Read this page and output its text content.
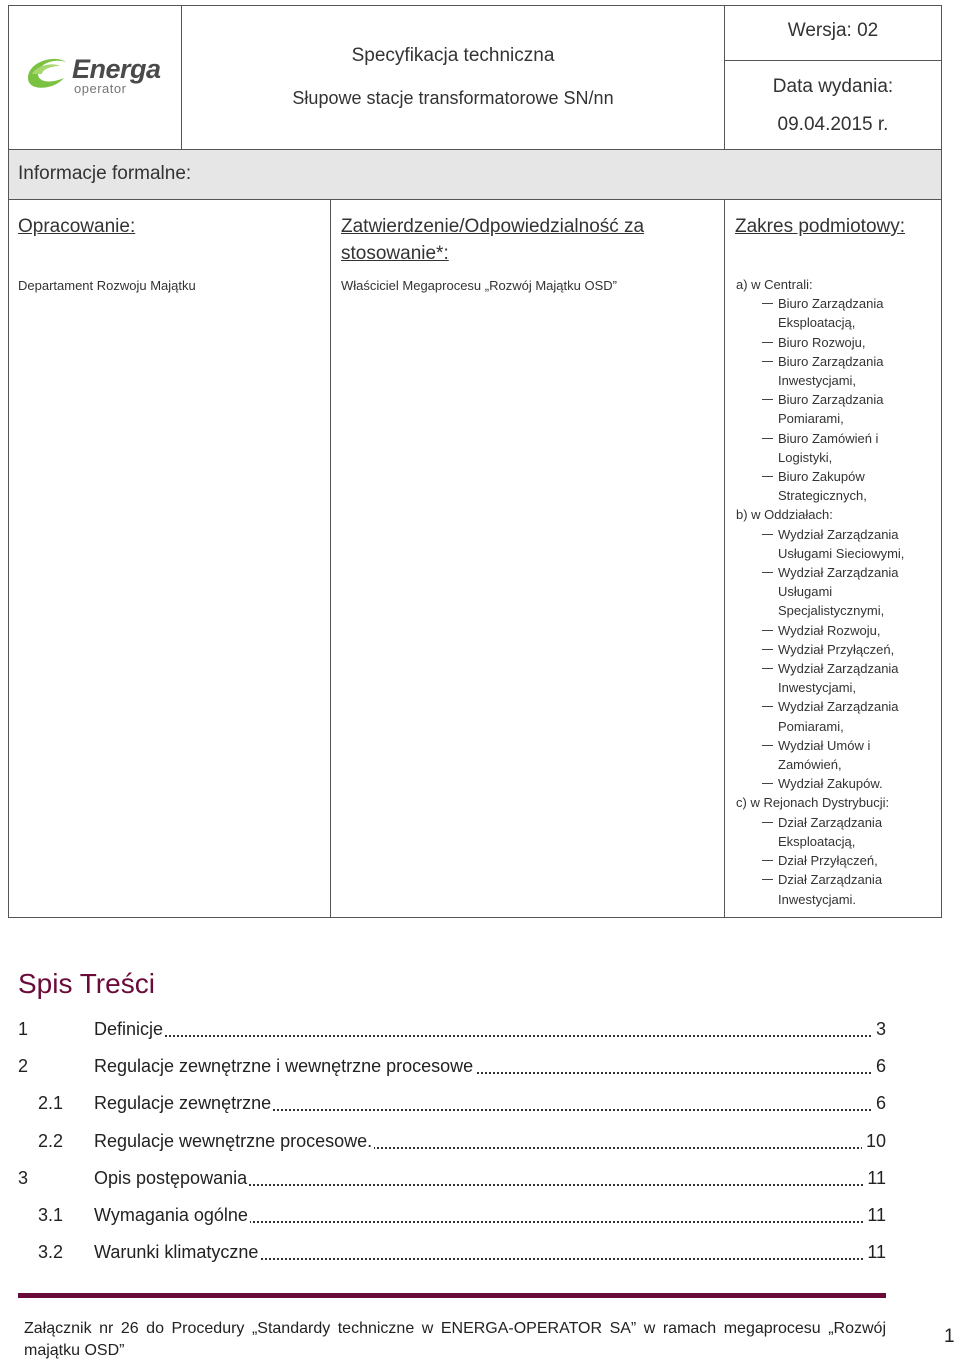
Energa
operator
Specyfikacja techniczna
Słupowe stacje transformatorowe SN/nn
Wersja: 02
Data wydania:
09.04.2015 r.
Informacje formalne:
Opracowanie:
Departament Rozwoju Majątku
Zatwierdzenie/Odpowiedzialność za
stosowanie*:
Właściciel Megaprocesu „Rozwój Majątku OSD”
Zakres podmiotowy:
a) w Centrali:
Biuro Zarządzania
Eksploatacją,
Biuro Rozwoju,
Biuro Zarządzania
Inwestycjami,
Biuro Zarządzania
Pomiarami,
Biuro Zamówień i
Logistyki,
Biuro Zakupów
Strategicznych,
b) w Oddziałach:
Wydział Zarządzania
Usługami Sieciowymi,
Wydział Zarządzania
Usługami
Specjalistycznymi,
Wydział Rozwoju,
Wydział Przyłączeń,
Wydział Zarządzania
Inwestycjami,
Wydział Zarządzania
Pomiarami,
Wydział Umów i
Zamówień,
Wydział Zakupów.
c) w Rejonach Dystrybucji:
Dział Zarządzania
Eksploatacją,
Dział Przyłączeń,
Dział Zarządzania
Inwestycjami.
Spis Treści
1	Definicje	3
2	Regulacje zewnętrzne i wewnętrzne procesowe	6
2.1 Regulacje zewnętrzne	6
2.2 Regulacje wewnętrzne procesowe.	10
3	Opis postępowania	11
3.1 Wymagania ogólne	11
3.2 Warunki klimatyczne	11
Załącznik nr 26 do Procedury „Standardy techniczne w ENERGA-OPERATOR SA” w ramach megaprocesu „Rozwój majątku OSD”
1
